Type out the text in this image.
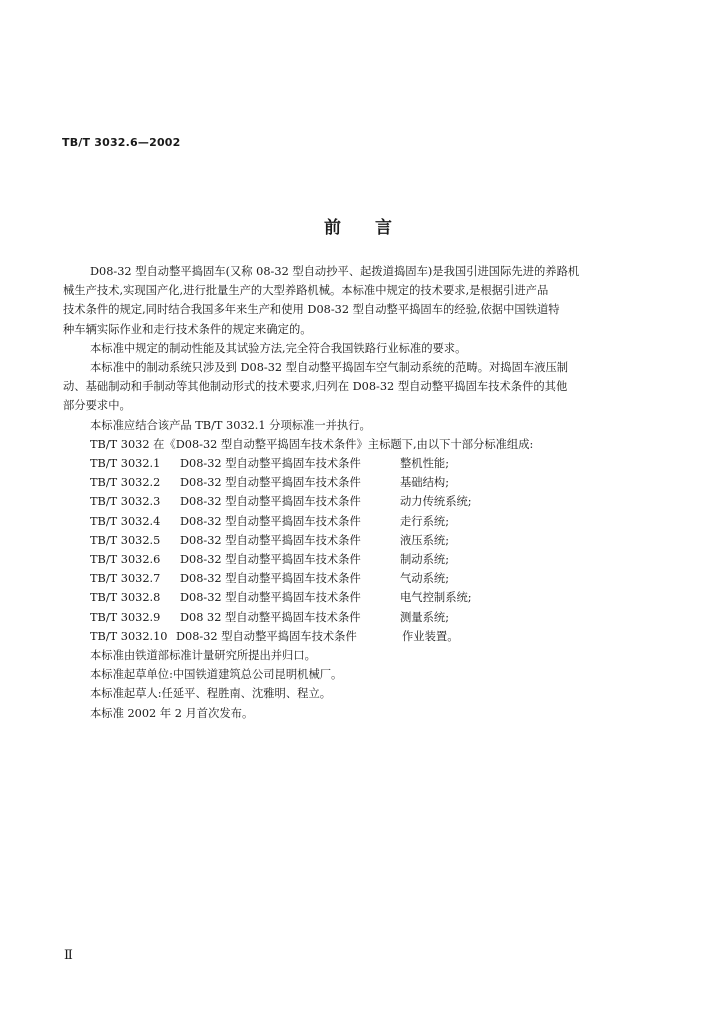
TB/T 3032.6—2002
前言
D08-32 型自动整平捣固车(又称 08-32 型自动抄平、起拨道捣固车)是我国引进国际先进的养路机
械生产技术,实现国产化,进行批量生产的大型养路机械。本标准中规定的技术要求,是根据引进产品
技术条件的规定,同时结合我国多年来生产和使用 D08-32 型自动整平捣固车的经验,依据中国铁道特
种车辆实际作业和走行技术条件的规定来确定的。

本标准中规定的制动性能及其试验方法,完全符合我国铁路行业标准的要求。

本标准中的制动系统只涉及到 D08-32 型自动整平捣固车空气制动系统的范畴。对捣固车液压制
动、基础制动和手制动等其他制动形式的技术要求,归列在 D08-32 型自动整平捣固车技术条件的其他
部分要求中。

本标准应结合该产品 TB/T 3032.1 分项标准一并执行。

TB/T 3032 在《D08-32 型自动整平捣固车技术条件》主标题下,由以下十部分标准组成:

TB/T 3032.1	D08-32 型自动整平捣固车技术条件	整机性能;
TB/T 3032.2	D08-32 型自动整平捣固车技术条件	基础结构;
TB/T 3032.3	D08-32 型自动整平捣固车技术条件	动力传统系统;
TB/T 3032.4	D08-32 型自动整平捣固车技术条件	走行系统;
TB/T 3032.5	D08-32 型自动整平捣固车技术条件	液压系统;
TB/T 3032.6	D08-32 型自动整平捣固车技术条件	制动系统;
TB/T 3032.7	D08-32 型自动整平捣固车技术条件	气动系统;
TB/T 3032.8	D08-32 型自动整平捣固车技术条件	电气控制系统;
TB/T 3032.9	D08 32 型自动整平捣固车技术条件	测量系统;
TB/T 3032.10 D08-32 型自动整平捣固车技术条件	作业装置。

本标准由铁道部标准计量研究所提出并归口。

本标准起草单位:中国铁道建筑总公司昆明机械厂。

本标准起草人:任延平、程胜南、沈雅明、程立。

本标准 2002 年 2 月首次发布。

Ⅱ
